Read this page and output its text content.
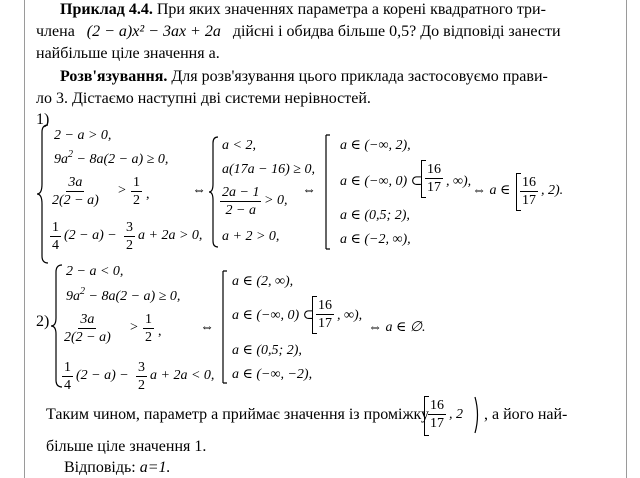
Приклад 4.4. При яких значеннях параметра a корені квадратного три-
члена (2 − a)x² − 3ax + 2a дійсні і обидва більше 0,5? До відповіді занести
найбільше ціле значення a.
Розв'язування. Для розв'язування цього приклада застосовуємо прави-
ло 3. Дістаємо наступні дві системи нерівностей.
1)
2 − a > 0,
$9a^2 - 8a(2 - a) \ge 0$,
$\frac{3a}{2(2 - a)} > \frac{1}{2}$ ,
$\frac{1}{4} (2 - a) - \frac{3}{2}$ a + 2a > 0,
⇔
a < 2,
a(17a − 16) ≥ 0,
$\frac{2a - 1}{2 - a} > 0$,
a + 2 > 0,
⇔
a ∈ (−∞, 2),
a ∈ (−∞, 0) ⊂ $\frac{16}{17}$ , ∞),
a ∈ (0,5; 2),
a ∈ (−2, ∞),
⇔ a ∈ $\frac{16}{17}$ , 2).
2)
2 − a < 0,
$9a^2 - 8a(2 - a) \ge 0$,
$\frac{3a}{2(2 - a)} > \frac{1}{2}$ ,
$\frac{1}{4} (2 - a) - \frac{3}{2}$ a + 2a < 0,
⇔
a ∈ (2, ∞),
a ∈ (−∞, 0) ⊂ $\frac{16}{17}$ , ∞),
a ∈ (0,5; 2),
a ∈ (−∞, −2),
⇔ a ∈ ∅.
Таким чином, параметр а приймає значення із проміжку
$\frac{16}{17}$ , 2 , а його най-
більше ціле значення 1.
Відповідь: a=1.
